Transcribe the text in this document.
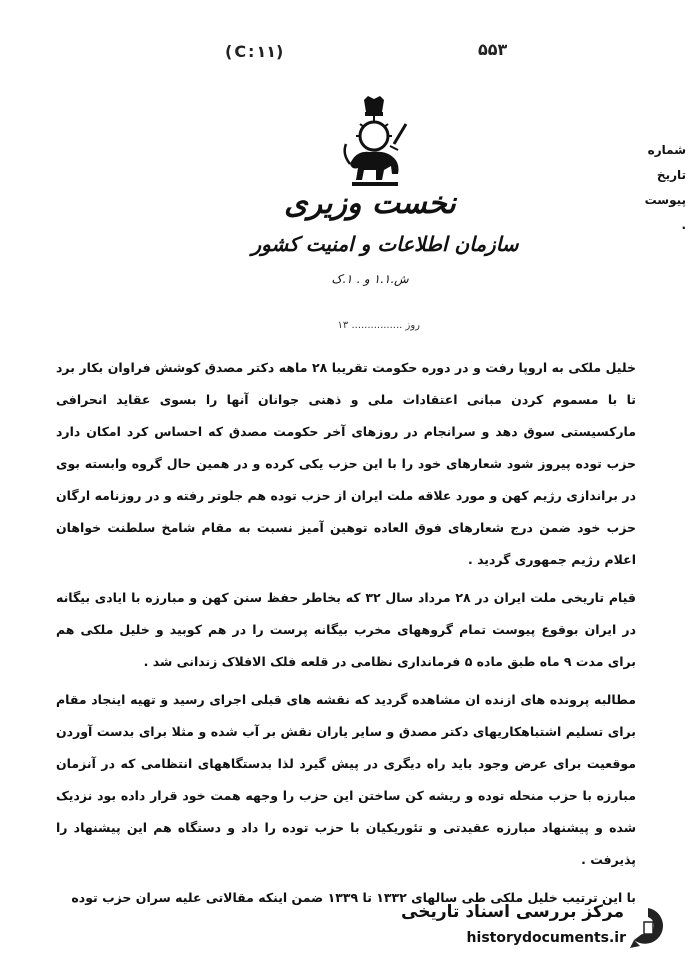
(C:۱۱)	۵۵۳
نخست وزیری
سازمان اطلاعات و امنیت کشور
ش.۱.۱ و . ۱.ک
شماره
تاریخ
پیوست
.
روز ................ ۱۳

خلیل ملکی به اروپا رفت و در دوره حکومت تقریبا ۲۸ ماهه دکتر مصدق کوشش فراوان بکار برد تا با مسموم کردن مبانی اعتقادات ملی و ذهنی جوانان آنها را بسوی عقاید انحرافی مارکسیستی سوق دهد و سرانجام در روزهای آخر حکومت مصدق که احساس کرد امکان دارد حزب توده پیروز شود شعارهای خود را با این حزب یکی کرده و در همین حال گروه وابسته بوی در براندازی رژیم کهن و مورد علاقه ملت ایران از حزب توده هم جلوتر رفته و در روزنامه ارگان حزب خود ضمن درج شعارهای فوق العاده توهین آمیز نسبت به مقام شامخ سلطنت خواهان اعلام رژیم جمهوری گردید .

قیام تاریخی ملت ایران در ۲۸ مرداد سال ۳۲ که بخاطر حفظ سنن کهن و مبارزه با ایادی بیگانه در ایران بوقوع پیوست تمام گروههای مخرب بیگانه پرست را در هم کوبید و خلیل ملکی هم برای مدت ۹ ماه طبق ماده ۵ فرمانداری نظامی در قلعه فلک الافلاک زندانی شد .

مطالبه پرونده های ازنده ان مشاهده گردید که نقشه های قبلی اجرای رسید و تهیه اینجاد مقام برای تسلیم اشتباهکاریهای دکتر مصدق و سایر یاران نقش بر آب شده و مثلا برای بدست آوردن موقعیت برای عرض وجود باید راه دیگری در پیش گیرد لذا بدستگاههای انتظامی که در آنزمان مبارزه با حزب منحله توده و ریشه کن ساختن این حزب را وجهه همت خود قرار داده بود نزدیک شده و پیشنهاد مبارزه عقیدتی و تئوریکیان با حزب توده را داد و دستگاه هم این پیشنهاد را پذیرفت .

با این ترتیب خلیل ملکی طی سالهای ۱۳۳۲ تا ۱۳۳۹ ضمن اینکه مقالاتی علیه سران حزب توده

مرکز بررسی اسناد تاریخی
historydocuments.ir
